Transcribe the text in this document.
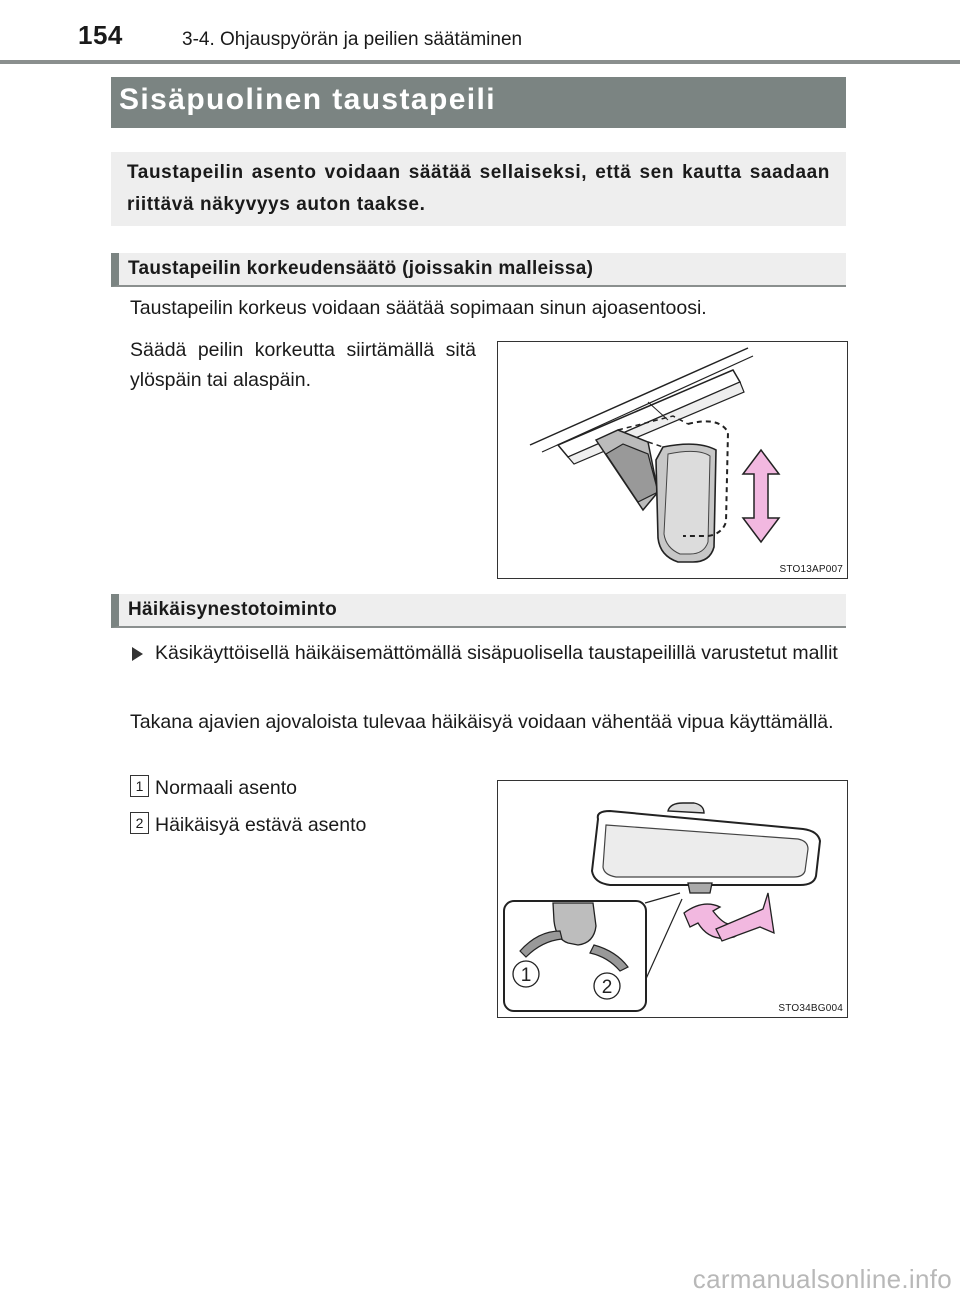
154	3-4. Ohjauspyörän ja peilien säätäminen
Sisäpuolinen taustapeili
Taustapeilin asento voidaan säätää sellaiseksi, että sen kautta saadaan riittävä näkyvyys auton taakse.
Taustapeilin korkeudensäätö (joissakin malleissa)
Taustapeilin korkeus voidaan säätää sopimaan sinun ajoasentoosi.
Säädä peilin korkeutta siirtämällä sitä ylöspäin tai alaspäin.
STO13AP007
Häikäisynestotoiminto
Käsikäyttöisellä häikäisemättömällä sisäpuolisella taustapeilillä varustetut mallit
Takana ajavien ajovaloista tulevaa häikäisyä voidaan vähentää vipua käyttämällä.
1 Normaali asento
2 Häikäisyä estävä asento
1
2
STO34BG004
carmanualsonline.info
